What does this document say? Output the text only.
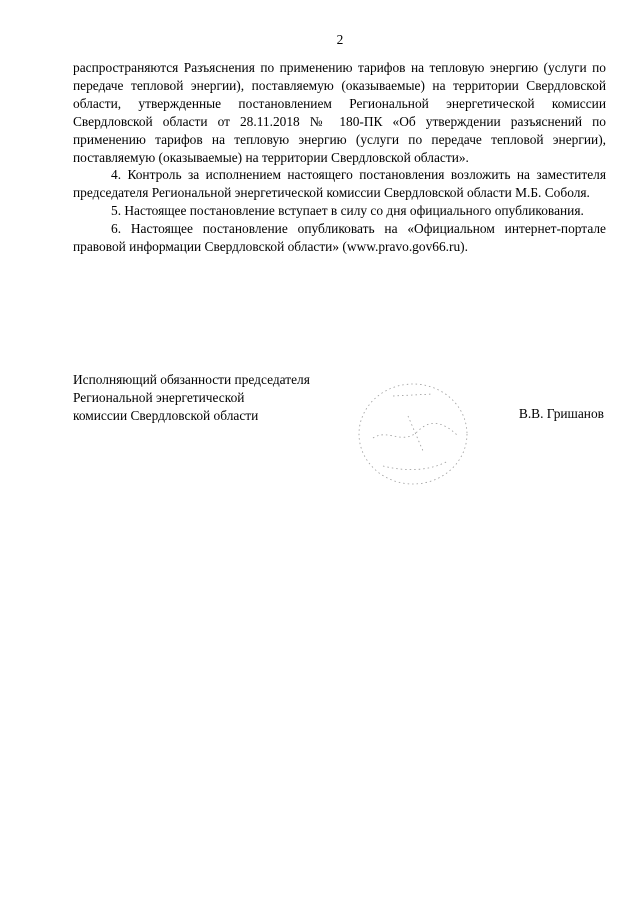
2

распространяются Разъяснения по применению тарифов на тепловую энергию (услуги по передаче тепловой энергии), поставляемую (оказываемые) на территории Свердловской области, утвержденные постановлением Региональной энергетической комиссии Свердловской области от 28.11.2018 № 180-ПК «Об утверждении разъяснений по применению тарифов на тепловую энергию (услуги по передаче тепловой энергии), поставляемую (оказываемые) на территории Свердловской области».

4. Контроль за исполнением настоящего постановления возложить на заместителя председателя Региональной энергетической комиссии Свердловской области М.Б. Соболя.

5. Настоящее постановление вступает в силу со дня официального опубликования.

6. Настоящее постановление опубликовать на «Официальном интернет-портале правовой информации Свердловской области» (www.pravo.gov66.ru).

Исполняющий обязанности председателя
Региональной энергетической
комиссии Свердловской области	В.В. Гришанов
